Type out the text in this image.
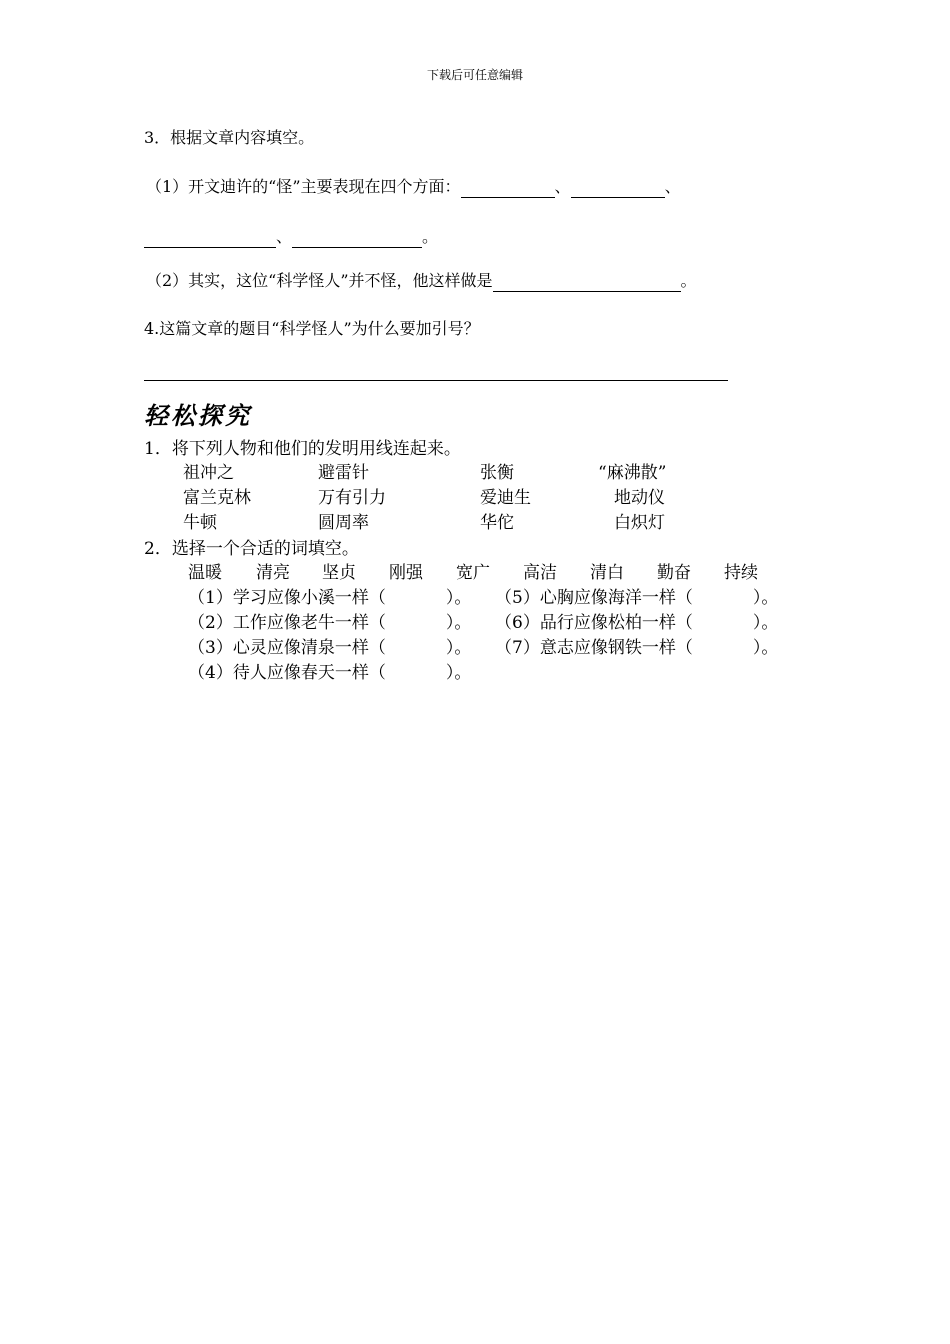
下载后可任意编辑
3．根据文章内容填空。
（1）开文迪许的“怪”主要表现在四个方面：	、	、
、	。
（2）其实，这位“科学怪人”并不怪，他这样做是	。
4.这篇文章的题目“科学怪人”为什么要加引号？
轻松探究
1．将下列人物和他们的发明用线连起来。
祖冲之	避雷针	张衡	“麻沸散”
富兰克林	万有引力	爱迪生	地动仪
牛顿	圆周率	华佗	白炽灯
2．选择一个合适的词填空。
温暖 清亮 坚贞 刚强 宽广 高洁 清白 勤奋 持续
（1）学习应像小溪一样（	）。 （5）心胸应像海洋一样（	）。
（2）工作应像老牛一样（	）。 （6）品行应像松柏一样（	）。
（3）心灵应像清泉一样（	）。 （7）意志应像钢铁一样（	）。
（4）待人应像春天一样（	）。
